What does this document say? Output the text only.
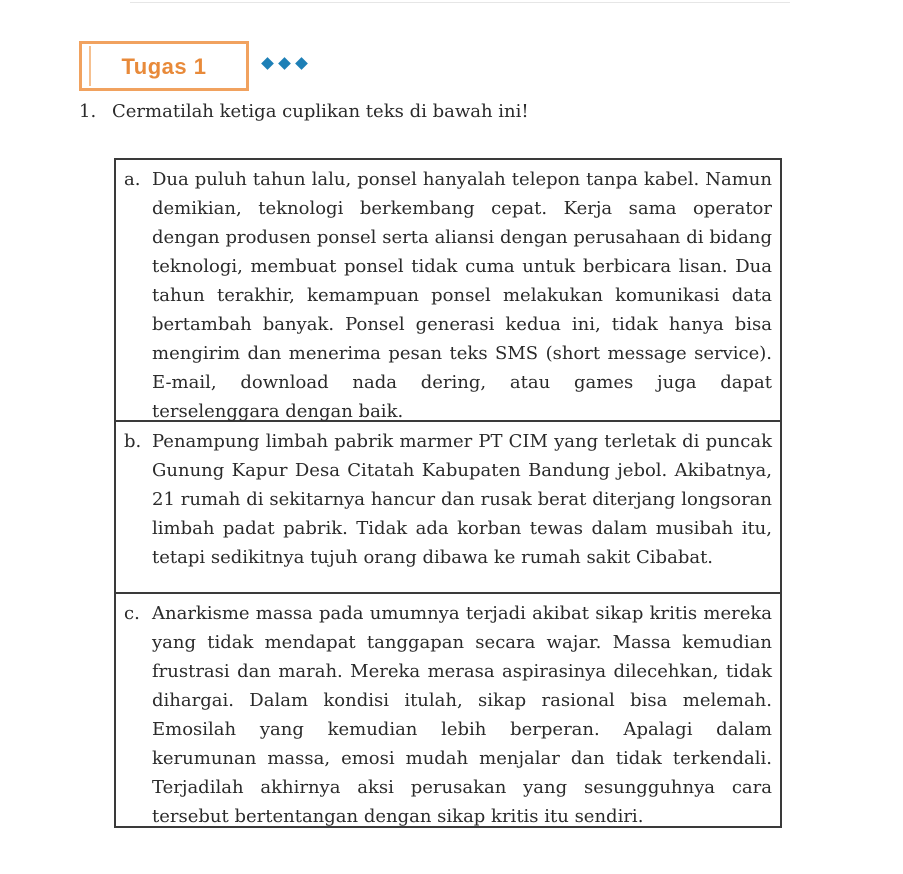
Tugas 1
1. Cermatilah ketiga cuplikan teks di bawah ini!
a. Dua puluh tahun lalu, ponsel hanyalah telepon tanpa kabel. Namun demikian, teknologi berkembang cepat. Kerja sama operator dengan produsen ponsel serta aliansi dengan perusahaan di bidang teknologi, membuat ponsel tidak cuma untuk berbicara lisan. Dua tahun terakhir, kemampuan ponsel melakukan komunikasi data bertambah banyak. Ponsel generasi kedua ini, tidak hanya bisa mengirim dan menerima pesan teks SMS (short message service). E-mail, download nada dering, atau games juga dapat terselenggara dengan baik.

b. Penampung limbah pabrik marmer PT CIM yang terletak di puncak Gunung Kapur Desa Citatah Kabupaten Bandung jebol. Akibatnya, 21 rumah di sekitarnya hancur dan rusak berat diterjang longsoran limbah padat pabrik. Tidak ada korban tewas dalam musibah itu, tetapi sedikitnya tujuh orang dibawa ke rumah sakit Cibabat.

c. Anarkisme massa pada umumnya terjadi akibat sikap kritis mereka yang tidak mendapat tanggapan secara wajar. Massa kemudian frustrasi dan marah. Mereka merasa aspirasinya dilecehkan, tidak dihargai. Dalam kondisi itulah, sikap rasional bisa melemah. Emosilah yang kemudian lebih berperan. Apalagi dalam kerumunan massa, emosi mudah menjalar dan tidak terkendali. Terjadilah akhirnya aksi perusakan yang sesungguhnya cara tersebut bertentangan dengan sikap kritis itu sendiri.
